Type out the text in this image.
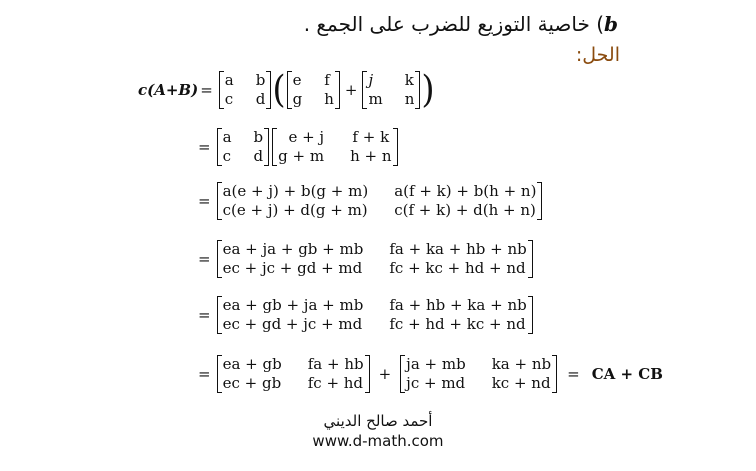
b) خاصية التوزيع للضرب على الجمع .
الحل:
c(A+B) =
a
c
b
d ( e
g
f
h +
j
m
k
n )
=
a
c
b
d
e + j
g + m
f + k
h + n
=
a(e + j) + b(g + m)
c(e + j) + d(g + m)
a(f + k) + b(h + n)
c(f + k) + d(h + n)
=
ea + ja + gb + mb
ec + jc + gd + md
fa + ka + hb + nb
fc + kc + hd + nd
=
ea + gb + ja + mb
ec + gd + jc + md
fa + hb + ka + nb
fc + hd + kc + nd
=
ea + gb
ec + gb
fa + hb
fc + hd +
ja + mb
jc + md
ka + nb
kc + nd = CA + CB
أحمد صالح الديني
www.d-math.com
